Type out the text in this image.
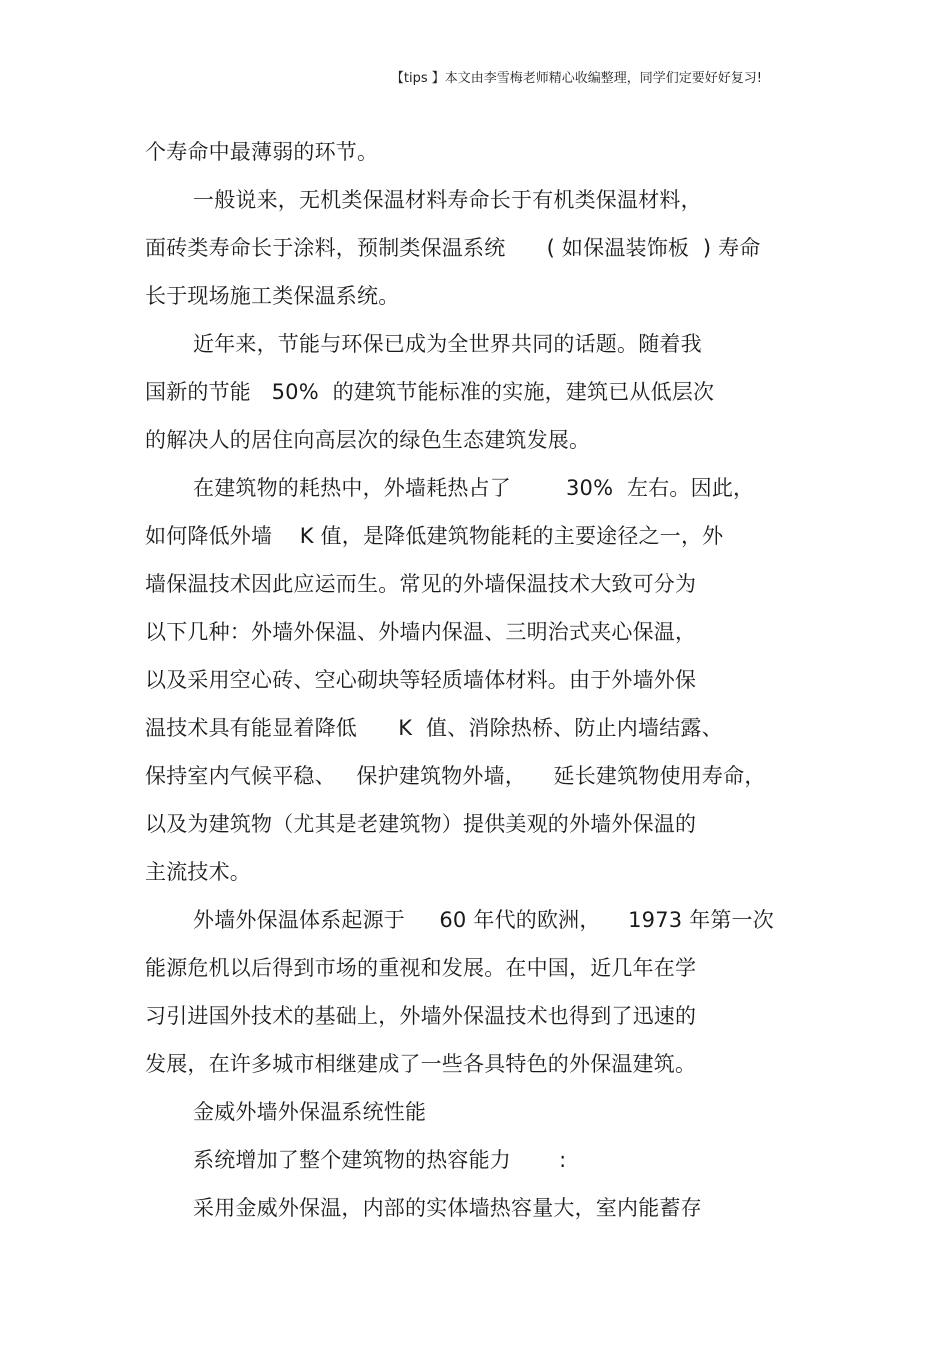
【tips 】本文由李雪梅老师精心收编整理，同学们定要好好复习!
个寿命中最薄弱的环节。
一般说来，无机类保温材料寿命长于有机类保温材料，
面砖类寿命长于涂料，预制类保温系统      ( 如保温装饰板  ) 寿命
长于现场施工类保温系统。
近年来，节能与环保已成为全世界共同的话题。随着我
国新的节能   50%  的建筑节能标准的实施，建筑已从低层次
的解决人的居住向高层次的绿色生态建筑发展。
在建筑物的耗热中，外墙耗热占了        30%  左右。因此，
如何降低外墙    K 值，是降低建筑物能耗的主要途径之一，外
墙保温技术因此应运而生。常见的外墙保温技术大致可分为
以下几种：外墙外保温、外墙内保温、三明治式夹心保温，
以及采用空心砖、空心砌块等轻质墙体材料。由于外墙外保
温技术具有能显着降低      K  值、消除热桥、防止内墙结露、
保持室内气候平稳、   保护建筑物外墙，    延长建筑物使用寿命，
以及为建筑物（尤其是老建筑物）提供美观的外墙外保温的
主流技术。
外墙外保温体系起源于     60 年代的欧洲，    1973 年第一次
能源危机以后得到市场的重视和发展。在中国，近几年在学
习引进国外技术的基础上，外墙外保温技术也得到了迅速的
发展，在许多城市相继建成了一些各具特色的外保温建筑。
金威外墙外保温系统性能
系统增加了整个建筑物的热容能力       :
采用金威外保温，内部的实体墙热容量大，室内能蓄存
